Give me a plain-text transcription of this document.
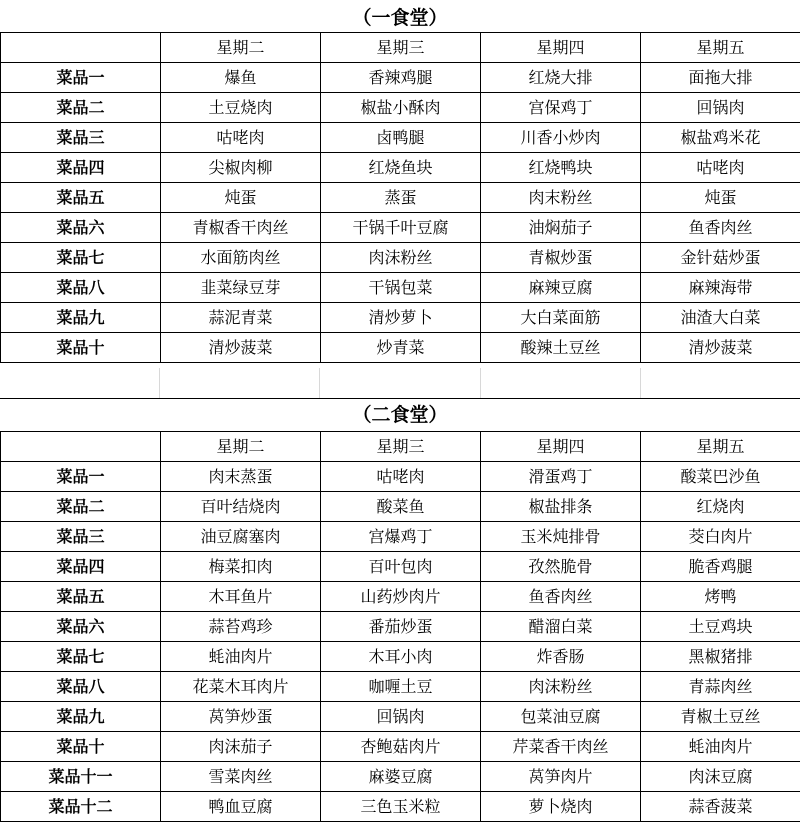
（一食堂）
	星期二	星期三	星期四	星期五
菜品一	爆鱼	香辣鸡腿	红烧大排	面拖大排
菜品二	土豆烧肉	椒盐小酥肉	宫保鸡丁	回锅肉
菜品三	咕咾肉	卤鸭腿	川香小炒肉	椒盐鸡米花
菜品四	尖椒肉柳	红烧鱼块	红烧鸭块	咕咾肉
菜品五	炖蛋	蒸蛋	肉末粉丝	炖蛋
菜品六	青椒香干肉丝	干锅千叶豆腐	油焖茄子	鱼香肉丝
菜品七	水面筋肉丝	肉沫粉丝	青椒炒蛋	金针菇炒蛋
菜品八	韭菜绿豆芽	干锅包菜	麻辣豆腐	麻辣海带
菜品九	蒜泥青菜	清炒萝卜	大白菜面筋	油渣大白菜
菜品十	清炒菠菜	炒青菜	酸辣土豆丝	清炒菠菜
（二食堂）
	星期二	星期三	星期四	星期五
菜品一	肉末蒸蛋	咕咾肉	滑蛋鸡丁	酸菜巴沙鱼
菜品二	百叶结烧肉	酸菜鱼	椒盐排条	红烧肉
菜品三	油豆腐塞肉	宫爆鸡丁	玉米炖排骨	茭白肉片
菜品四	梅菜扣肉	百叶包肉	孜然脆骨	脆香鸡腿
菜品五	木耳鱼片	山药炒肉片	鱼香肉丝	烤鸭
菜品六	蒜苔鸡珍	番茄炒蛋	醋溜白菜	土豆鸡块
菜品七	蚝油肉片	木耳小肉	炸香肠	黑椒猪排
菜品八	花菜木耳肉片	咖喱土豆	肉沫粉丝	青蒜肉丝
菜品九	莴笋炒蛋	回锅肉	包菜油豆腐	青椒土豆丝
菜品十	肉沫茄子	杏鲍菇肉片	芹菜香干肉丝	蚝油肉片
菜品十一	雪菜肉丝	麻婆豆腐	莴笋肉片	肉沫豆腐
菜品十二	鸭血豆腐	三色玉米粒	萝卜烧肉	蒜香菠菜
